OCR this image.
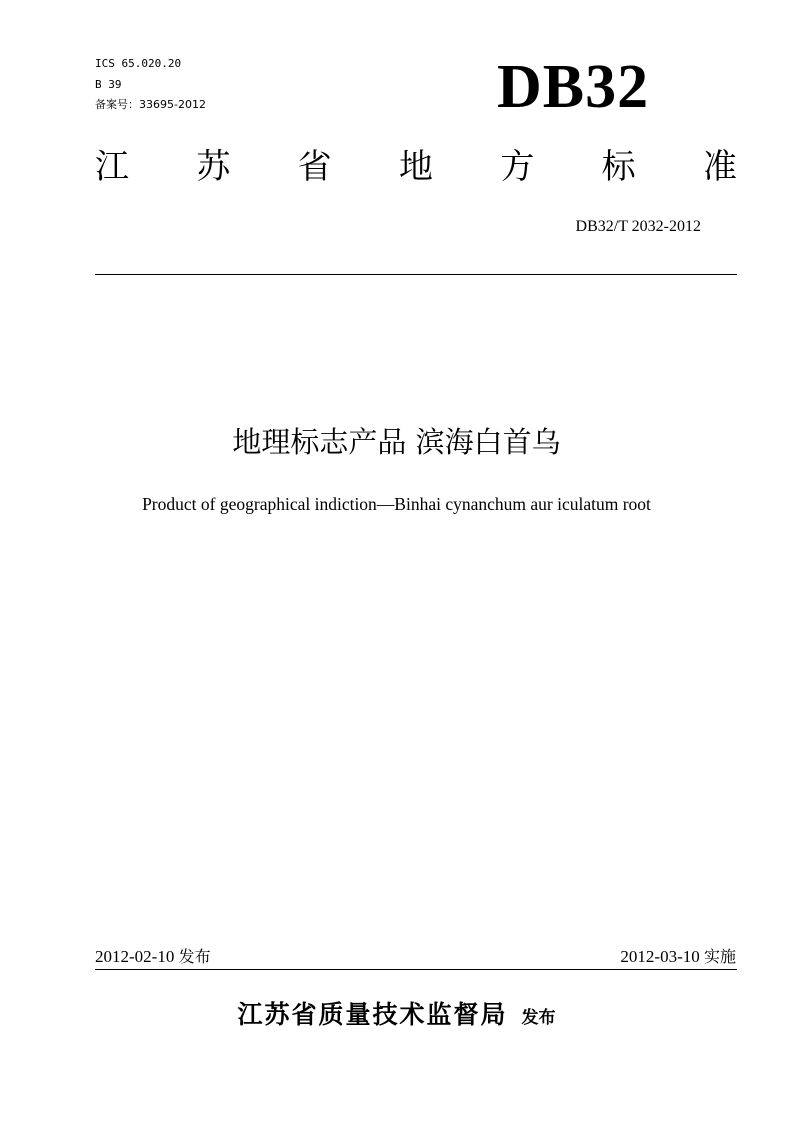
ICS 65.020.20
B 39
备案号：33695-2012	DB32
江 苏 省 地 方 标 准
DB32/T 2032-2012
地理标志产品 滨海白首乌
Product of geographical indiction—Binhai cynanchum aur iculatum root
2012-02-10 发布	2012-03-10 实施
江苏省质量技术监督局 发布
